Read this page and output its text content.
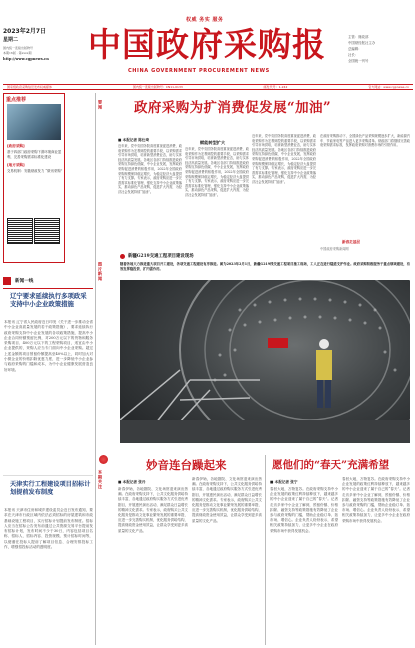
2023年2月7日
星期二
国内统一连续出版物号
本期16版 · 第xxxx期
http://www.cgpnews.cn
权威 务实 服务
中国政府采购报
CHINA GOVERNMENT PROCUREMENT NEWS
主管：财政部
中国财经报社主办
总编辑：
社长：
全国统一刊号
国家级政府采购信息发布权威媒体	国内统一连续出版物号：CN11-0133	邮发代号：1-242	官方网站：www.cgpnews.cn
重点推荐
[政府采购]
基于四部门政府采购下滑环境商业盈利，完善采购需求标准化建设
[地方采购]
交易机制：安徽财政发力 “微讯采购”
要闻 政府采购为扩消费促发展“加油”
■ 本报记者 陈仕琦
近年来，党中央国务院高度重视促进消费，政府采购作为宏观调控的重要手段，以采购需求引导市场供给，培育新型消费业态，助力实体经济高质量发展。各地区各部门持续推进政府采购支持绿色低碳、中小企业发展，发挥政府采购促进消费的积极作用，2022年全国政府采购规模保持稳定增长，为稳定经济大盘提供了有力支撑。专家表示，政府采购应进一步完善需求标准化管理，强化支持中小企业政策落实，推动绿色产品采购，促进扩大内需，为经济社会发展持续“加油”。
赋能转型扩大
近年来，党中央国务院高度重视促进消费，政府采购作为宏观调控的重要手段，以采购需求引导市场供给，培育新型消费业态，助力实体经济高质量发展。各地区各部门持续推进政府采购支持绿色低碳、中小企业发展，发挥政府采购促进消费的积极作用，2022年全国政府采购规模保持稳定增长，为稳定经济大盘提供了有力支撑。专家表示，政府采购应进一步完善需求标准化管理，强化支持中小企业政策落实，推动绿色产品采购，促进扩大内需，为经济社会发展持续“加油”。
近年来，党中央国务院高度重视促进消费，政府采购作为宏观调控的重要手段，以采购需求引导市场供给，培育新型消费业态，助力实体经济高质量发展。各地区各部门持续推进政府采购支持绿色低碳、中小企业发展，发挥政府采购促进消费的积极作用，2022年全国政府采购规模保持稳定增长，为稳定经济大盘提供了有力支撑。专家表示，政府采购应进一步完善需求标准化管理，强化支持中小企业政策落实，推动绿色产品采购，促进扩大内需，为经济社会发展持续“加油”。
在政府采购推动下，全国绿色产品采购规模逐步扩大，新能源汽车、节能家电等产品进入更多采购清单。财政部门将继续完善政府采购需求标准，发挥政府采购对消费市场的引领作用。
图片新闻
新疆G219交通工程项目建设现场
随着各地大力推进重大项目开工建设，各项交通工程建设有序推进。图为2023年2月1日，新疆G219线交通工程项目施工现场，工人正在进行隧道支护作业。政府采购积极服务于重点领域建设，有效发挥稳投资、扩内需作用。
新闻一线
辽宁要求延续执行多项政采支持中小企业政策措施
本报讯 辽宁省人民政府近日印发《关于进一步推动全省中小企业高质量发展的若干政策措施》，要求延续执行政府采购支持中小企业发展的各项政策措施，提高中小企业合同份额预留比例，对200万元以下的货物和服务采购项目、400万元以下的工程采购项目，适宜由中小企业提供的，采购人应当专门面向中小企业采购。超过上述金额的项目预留份额提高至40%以上，同时加大对小微企业的价格扣除优惠力度，进一步降低中小企业参与政府采购的门槛和成本，为中小企业健康发展营造良好环境。
天津实行工程建设项目招标计划提前发布制度
本报讯 天津市住房和城乡建设委员会近日发布通知，要求在天津市行政区域内依法必须招标的房屋建筑和市政基础设施工程项目，实行招标计划提前发布制度。招标人应当在招标公告发布前通过公共资源交易平台提前发布招标计划，发布时间不少于30日，内容包括项目名称、招标人、招标内容、投资规模、预计招标时间等，以便潜在投标人提前了解项目信息、合理安排投标工作，增强招投标活动的透明度。
本期关注
妙音连台躁起来
■ 本报记者 张丹
新春伊始，各地剧院、文化场馆迎来演出热潮。在政府采购支持下，公共文化服务供给持续丰富，各地通过政府购买服务方式引进优秀剧目，开展惠民演出活动，满足群众日益增长的精神文化需求。专家表示，政府购买公共文化服务是推动文化事业繁荣发展的重要举措，应进一步完善购买机制，优化服务供给结构，提高财政资金使用效益，让群众享受到更多高质量的文化产品。
新春伊始，各地剧院、文化场馆迎来演出热潮。在政府采购支持下，公共文化服务供给持续丰富，各地通过政府购买服务方式引进优秀剧目，开展惠民演出活动，满足群众日益增长的精神文化需求。专家表示，政府购买公共文化服务是推动文化事业繁荣发展的重要举措，应进一步完善购买机制，优化服务供给结构，提高财政资金使用效益，让群众享受到更多高质量的文化产品。
愿他们的“春天”充满希望
■ 本报记者 张宁
春回大地，万物复苏。在政府采购支持中小企业发展的政策红利持续释放下，越来越多的中小企业迎来了属于自己的“春天”。记者走访多家中小企业了解到，预留份额、价格扣除、融资支持等政策措施有效降低了企业参与政府采购的门槛，帮助企业稳订单、拓市场、增信心。企业负责人纷纷表示，希望相关政策持续加力，让更多中小企业在政府采购市场中获得发展机会。
春回大地，万物复苏。在政府采购支持中小企业发展的政策红利持续释放下，越来越多的中小企业迎来了属于自己的“春天”。记者走访多家中小企业了解到，预留份额、价格扣除、融资支持等政策措施有效降低了企业参与政府采购的门槛，帮助企业稳订单、拓市场、增信心。企业负责人纷纷表示，希望相关政策持续加力，让更多中小企业在政府采购市场中获得发展机会。
新春走基层
中国政府采购新闻网
